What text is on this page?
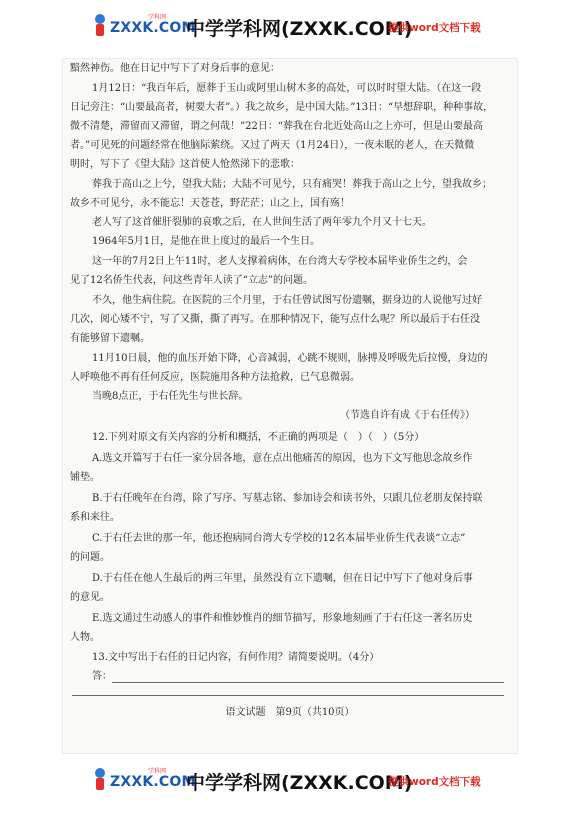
ZXXK.COM
学科网
中学学科网(ZXXK.COM)
提供word文档下载
黯然神伤。他在日记中写下了对身后事的意见：
1月12日：“我百年后，愿葬于玉山或阿里山树木多的高处，可以时时望大陆。（在这一段
日记旁注：“山要最高者，树要大者”。）我之故乡，是中国大陆。”13日：“早想辞职，种种事故，
微不清楚，滞留而又滞留，谓之何哉！”22日：“葬我在台北近处高山之上亦可，但是山要最高
者。”可见死的问题经常在他脑际萦绕。又过了两天（1月24日），一夜未眠的老人，在天微微
明时，写下了《望大陆》这首使人怆然涕下的悲歌：
葬我于高山之上兮，望我大陆；大陆不可见兮，只有痛哭！葬我于高山之上兮，望我故乡；
故乡不可见兮，永不能忘！天苍苍，野茫茫；山之上，国有殇！
老人写了这首催肝裂肺的哀歌之后，在人世间生活了两年零九个月又十七天。
1964年5月1日，是他在世上度过的最后一个生日。
这一年的7月2日上午11时，老人支撑着病体，在台湾大专学校本届毕业侨生之约，会
见了12名侨生代表，问这些青年人读了“立志”的问题。
不久，他生病住院。在医院的三个月里，于右任曾试图写份遗嘱，据身边的人说他写过好
几次，阅心矮不宁，写了又撕，撕了再写。在那种情况下，能写点什么呢？所以最后于右任没
有能够留下遗嘱。
11月10日晨，他的血压开始下降，心音减弱，心跳不规则，脉搏及呼吸先后拉慢，身边的
人呼唤他不再有任何反应，医院施用各种方法抢救，已气息微弱。
当晚8点正，于右任先生与世长辞。
（节选自许有成《于右任传》）
12.下列对原文有关内容的分析和概括，不正确的两项是（　）（　）（5分）
A.选文开篇写于右任一家分居各地，意在点出他痛苦的原因，也为下文写他思念故乡作
铺垫。
B.于右任晚年在台湾，除了写序、写墓志铭、参加诗会和读书外，只跟几位老朋友保持联
系和来往。
C.于右任去世的那一年，他还抱病同台湾大专学校的12名本届毕业侨生代表谈“立志”
的问题。
D.于右任在他人生最后的两三年里，虽然没有立下遗嘱，但在日记中写下了他对身后事
的意见。
E.选文通过生动感人的事件和惟妙惟肖的细节描写，形象地刻画了于右任这一著名历史
人物。
13.文中写出于右任的日记内容，有何作用？请简要说明。（4分）
答：
语文试题　第9页（共10页）
ZXXK.COM
学科网
中学学科网(ZXXK.COM)
提供word文档下载
